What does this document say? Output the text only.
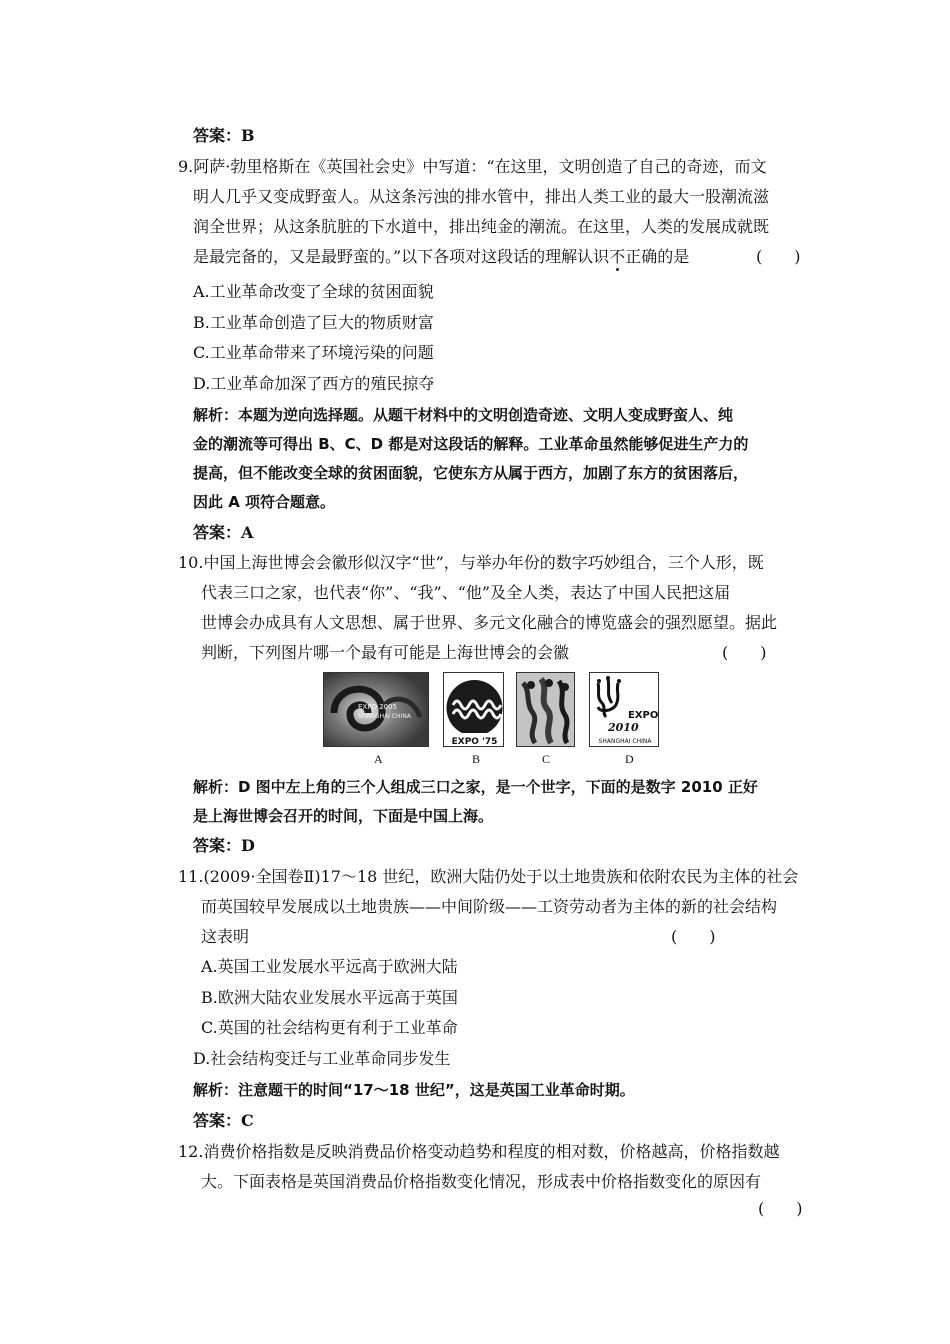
答案：B
9.阿萨·勃里格斯在《英国社会史》中写道：“在这里，文明创造了自己的奇迹，而文
明人几乎又变成野蛮人。从这条污浊的排水管中，排出人类工业的最大一股潮流滋
润全世界；从这条肮脏的下水道中，排出纯金的潮流。在这里，人类的发展成就既
是最完备的，又是最野蛮的。”以下各项对这段话的理解认识不正确的是	(　　)
A.工业革命改变了全球的贫困面貌
B.工业革命创造了巨大的物质财富
C.工业革命带来了环境污染的问题
D.工业革命加深了西方的殖民掠夺
解析：本题为逆向选择题。从题干材料中的文明创造奇迹、文明人变成野蛮人、纯
金的潮流等可得出 B、C、D 都是对这段话的解释。工业革命虽然能够促进生产力的
提高，但不能改变全球的贫困面貌，它使东方从属于西方，加剧了东方的贫困落后，
因此 A 项符合题意。
答案：A
10.中国上海世博会会徽形似汉字“世”，与举办年份的数字巧妙组合，三个人形，既
代表三口之家，也代表“你”、“我”、“他”及全人类，表达了中国人民把这届
世博会办成具有人文思想、属于世界、多元文化融合的博览盛会的强烈愿望。据此
判断，下列图片哪一个最有可能是上海世博会的会徽	(　　)
EXPO 2005
SHANGHAI CHINA
EXPO '75
EXPO
2010
SHANGHAI CHINA
A	B	C	D
解析：D 图中左上角的三个人组成三口之家，是一个世字，下面的是数字 2010 正好
是上海世博会召开的时间，下面是中国上海。
答案：D
11.(2009·全国卷Ⅱ)17～18 世纪，欧洲大陆仍处于以土地贵族和依附农民为主体的社会
而英国较早发展成以土地贵族——中间阶级——工资劳动者为主体的新的社会结构
这表明	(　　)
A.英国工业发展水平远高于欧洲大陆
B.欧洲大陆农业发展水平远高于英国
C.英国的社会结构更有利于工业革命
D.社会结构变迁与工业革命同步发生
解析：注意题干的时间“17～18 世纪”，这是英国工业革命时期。
答案：C
12.消费价格指数是反映消费品价格变动趋势和程度的相对数，价格越高，价格指数越
大。下面表格是英国消费品价格指数变化情况，形成表中价格指数变化的原因有
(　　)
